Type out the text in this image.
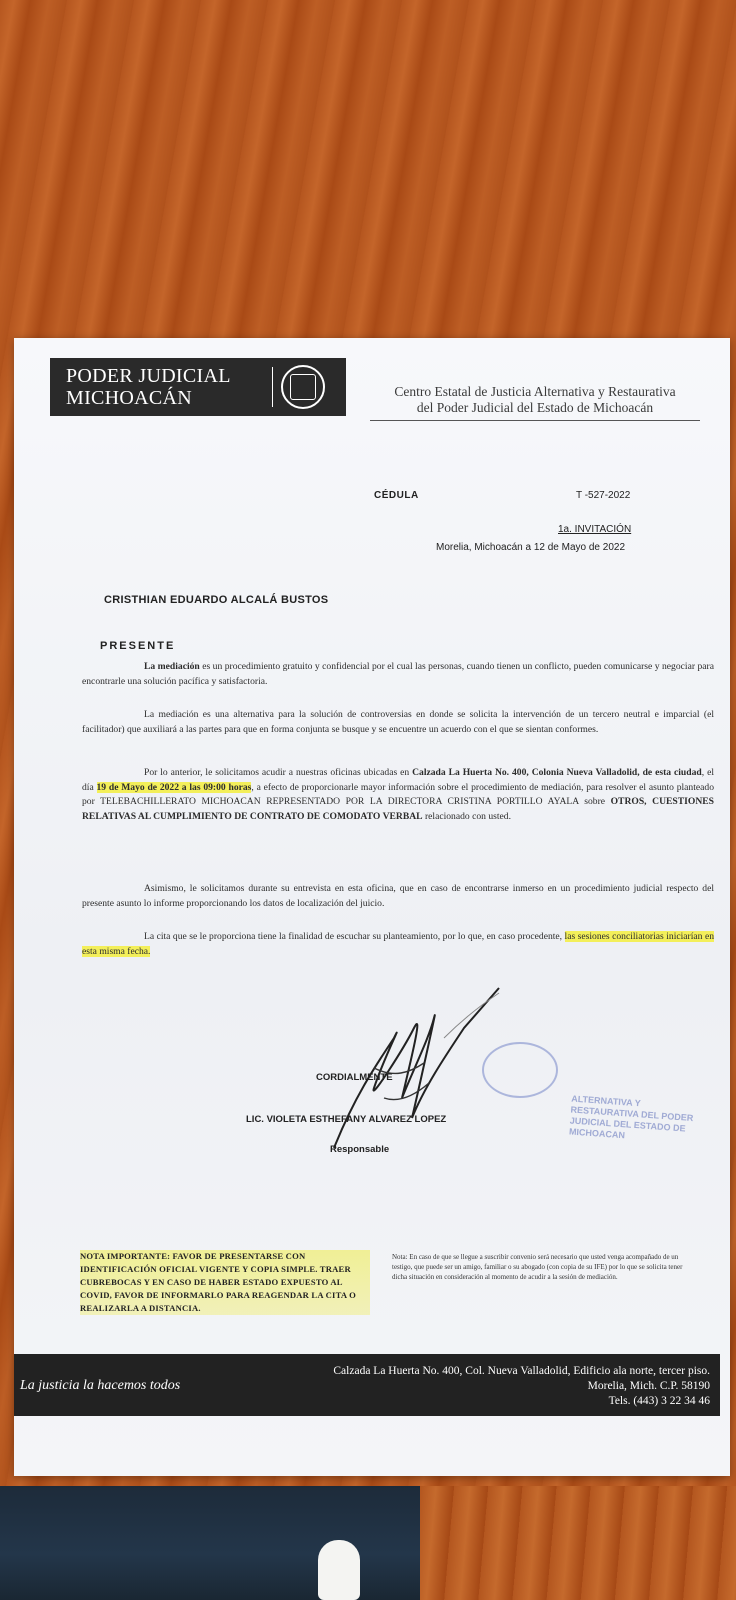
PODER JUDICIAL
MICHOACÁN	Centro Estatal de Justicia Alternativa y Restaurativa
del Poder Judicial del Estado de Michoacán
CÉDULA	T -527-2022
1a. INVITACIÓN
Morelia, Michoacán a 12 de Mayo de 2022
CRISTHIAN EDUARDO ALCALÁ BUSTOS
PRESENTE
La mediación es un procedimiento gratuito y confidencial por el cual las personas, cuando tienen un conflicto, pueden comunicarse y negociar para encontrarle una solución pacífica y satisfactoria.
La mediación es una alternativa para la solución de controversias en donde se solicita la intervención de un tercero neutral e imparcial (el facilitador) que auxiliará a las partes para que en forma conjunta se busque y se encuentre un acuerdo con el que se sientan conformes.
Por lo anterior, le solicitamos acudir a nuestras oficinas ubicadas en Calzada La Huerta No. 400, Colonia Nueva Valladolid, de esta ciudad, el día 19 de Mayo de 2022 a las 09:00 horas, a efecto de proporcionarle mayor información sobre el procedimiento de mediación, para resolver el asunto planteado por TELEBACHILLERATO MICHOACAN REPRESENTADO POR LA DIRECTORA CRISTINA PORTILLO AYALA sobre OTROS, CUESTIONES RELATIVAS AL CUMPLIMIENTO DE CONTRATO DE COMODATO VERBAL relacionado con usted.
Asimismo, le solicitamos durante su entrevista en esta oficina, que en caso de encontrarse inmerso en un procedimiento judicial respecto del presente asunto lo informe proporcionando los datos de localización del juicio.
La cita que se le proporciona tiene la finalidad de escuchar su planteamiento, por lo que, en caso procedente, las sesiones conciliatorias iniciarían en esta misma fecha.
ALTERNATIVA Y RESTAURATIVA DEL PODER JUDICIAL DEL ESTADO DE MICHOACAN
CORDIALMENTE
LIC. VIOLETA ESTHEFANY ALVAREZ LOPEZ
Responsable
NOTA IMPORTANTE: FAVOR DE PRESENTARSE CON IDENTIFICACIÓN OFICIAL VIGENTE Y COPIA SIMPLE. TRAER CUBREBOCAS Y EN CASO DE HABER ESTADO EXPUESTO AL COVID, FAVOR DE INFORMARLO PARA REAGENDAR LA CITA O REALIZARLA A DISTANCIA.
Nota: En caso de que se llegue a suscribir convenio será necesario que usted venga acompañado de un testigo, que puede ser un amigo, familiar o su abogado (con copia de su IFE) por lo que se solicita tener dicha situación en consideración al momento de acudir a la sesión de mediación.
La justicia la hacemos todos
Calzada La Huerta No. 400, Col. Nueva Valladolid, Edificio ala norte, tercer piso.
Morelia, Mich. C.P. 58190
Tels. (443) 3 22 34 46
